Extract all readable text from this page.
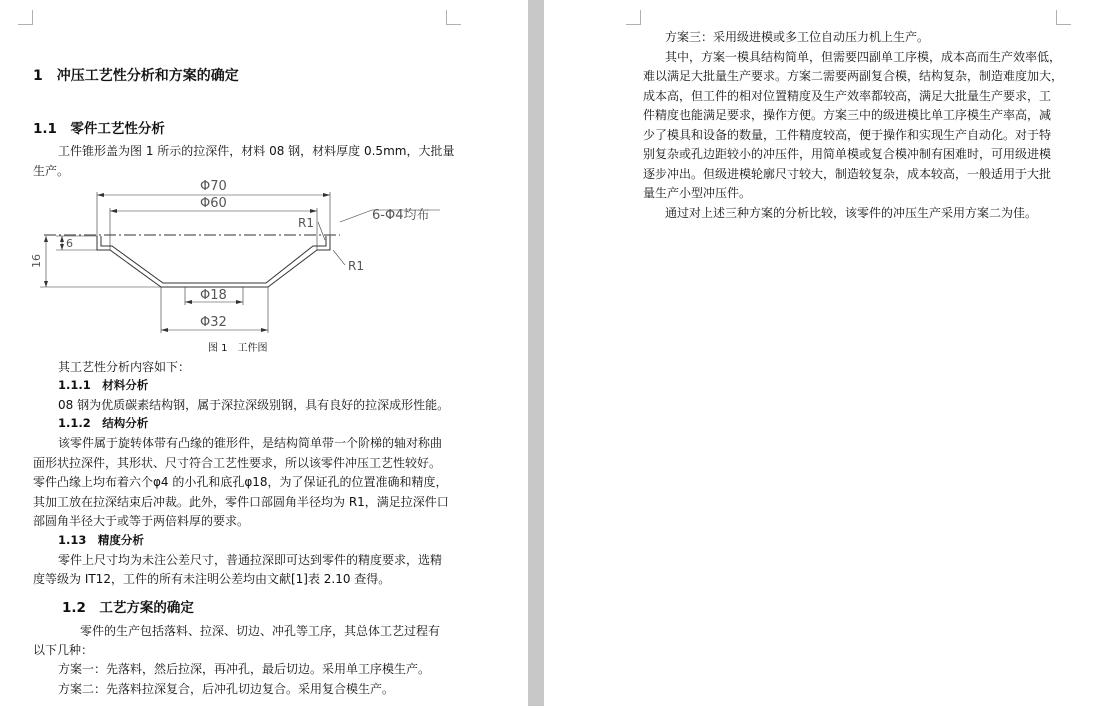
1　冲压工艺性分析和方案的确定
1.1　零件工艺性分析
工件锥形盖为图 1 所示的拉深件，材料 08 钢，材料厚度 0.5mm，大批量
生产。
Φ70
Φ60
6
16
Φ18
Φ32
R1
R1
6-Φ4均布
图 1　工件图
其工艺性分析内容如下：
1.1.1　材料分析
08 钢为优质碳素结构钢，属于深拉深级别钢，具有良好的拉深成形性能。
1.1.2　结构分析
该零件属于旋转体带有凸缘的锥形件，是结构简单带一个阶梯的轴对称曲
面形状拉深件，其形状、尺寸符合工艺性要求，所以该零件冲压工艺性较好。
零件凸缘上均布着六个φ4 的小孔和底孔φ18，为了保证孔的位置准确和精度，
其加工放在拉深结束后冲裁。此外，零件口部圆角半径均为 R1，满足拉深件口
部圆角半径大于或等于两倍料厚的要求。
1.13　精度分析
零件上尺寸均为未注公差尺寸，普通拉深即可达到零件的精度要求，选精
度等级为 IT12，工件的所有未注明公差均由文献[1]表 2.10 查得。
1.2　工艺方案的确定
零件的生产包括落料、拉深、切边、冲孔等工序，其总体工艺过程有
以下几种：
方案一：先落料，然后拉深，再冲孔，最后切边。采用单工序模生产。
方案二：先落料拉深复合，后冲孔切边复合。采用复合模生产。
方案三：采用级进模或多工位自动压力机上生产。
其中，方案一模具结构简单，但需要四副单工序模，成本高而生产效率低，
难以满足大批量生产要求。方案二需要两副复合模，结构复杂，制造难度加大，
成本高，但工件的相对位置精度及生产效率都较高，满足大批量生产要求，工
件精度也能满足要求，操作方便。方案三中的级进模比单工序模生产率高，减
少了模具和设备的数量，工件精度较高，便于操作和实现生产自动化。对于特
别复杂或孔边距较小的冲压件，用简单模或复合模冲制有困难时，可用级进模
逐步冲出。但级进模轮廓尺寸较大，制造较复杂，成本较高，一般适用于大批
量生产小型冲压件。
通过对上述三种方案的分析比较，该零件的冲压生产采用方案二为佳。
